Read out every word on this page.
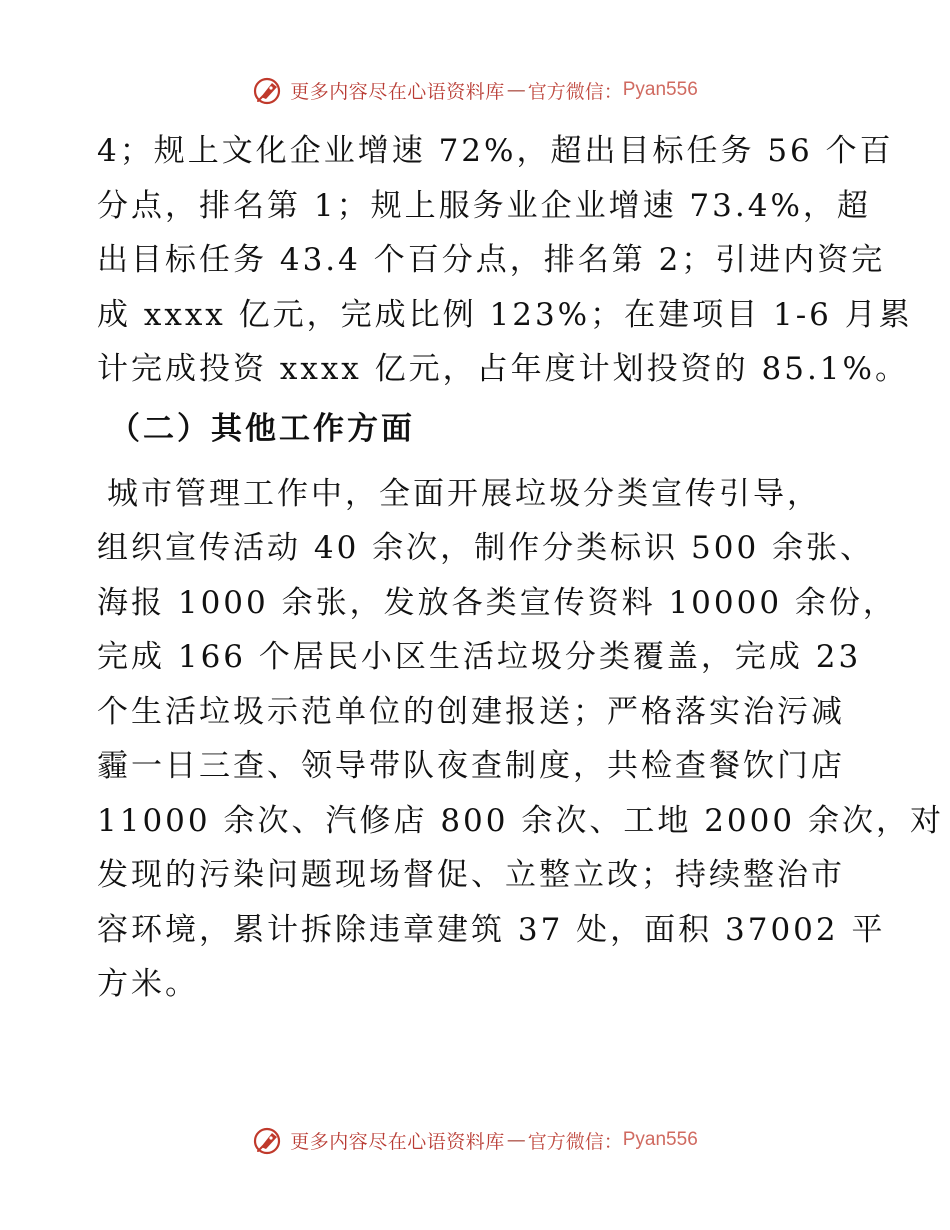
更多内容尽在心语资料库 — 官方微信： Pyan556

4；规上文化企业增速 72%，超出目标任务 56 个百
分点，排名第 1；规上服务业企业增速 73.4%，超
出目标任务 43.4 个百分点，排名第 2；引进内资完
成 xxxx 亿元，完成比例 123%；在建项目 1-6 月累
计完成投资 xxxx 亿元，占年度计划投资的 85.1%。

（二）其他工作方面

城市管理工作中，全面开展垃圾分类宣传引导，
组织宣传活动 40 余次，制作分类标识 500 余张、
海报 1000 余张，发放各类宣传资料 10000 余份，
完成 166 个居民小区生活垃圾分类覆盖，完成 23
个生活垃圾示范单位的创建报送；严格落实治污减
霾一日三查、领导带队夜查制度，共检查餐饮门店
11000 余次、汽修店 800 余次、工地 2000 余次，对
发现的污染问题现场督促、立整立改；持续整治市
容环境，累计拆除违章建筑 37 处，面积 37002 平
方米。

更多内容尽在心语资料库 — 官方微信： Pyan556
